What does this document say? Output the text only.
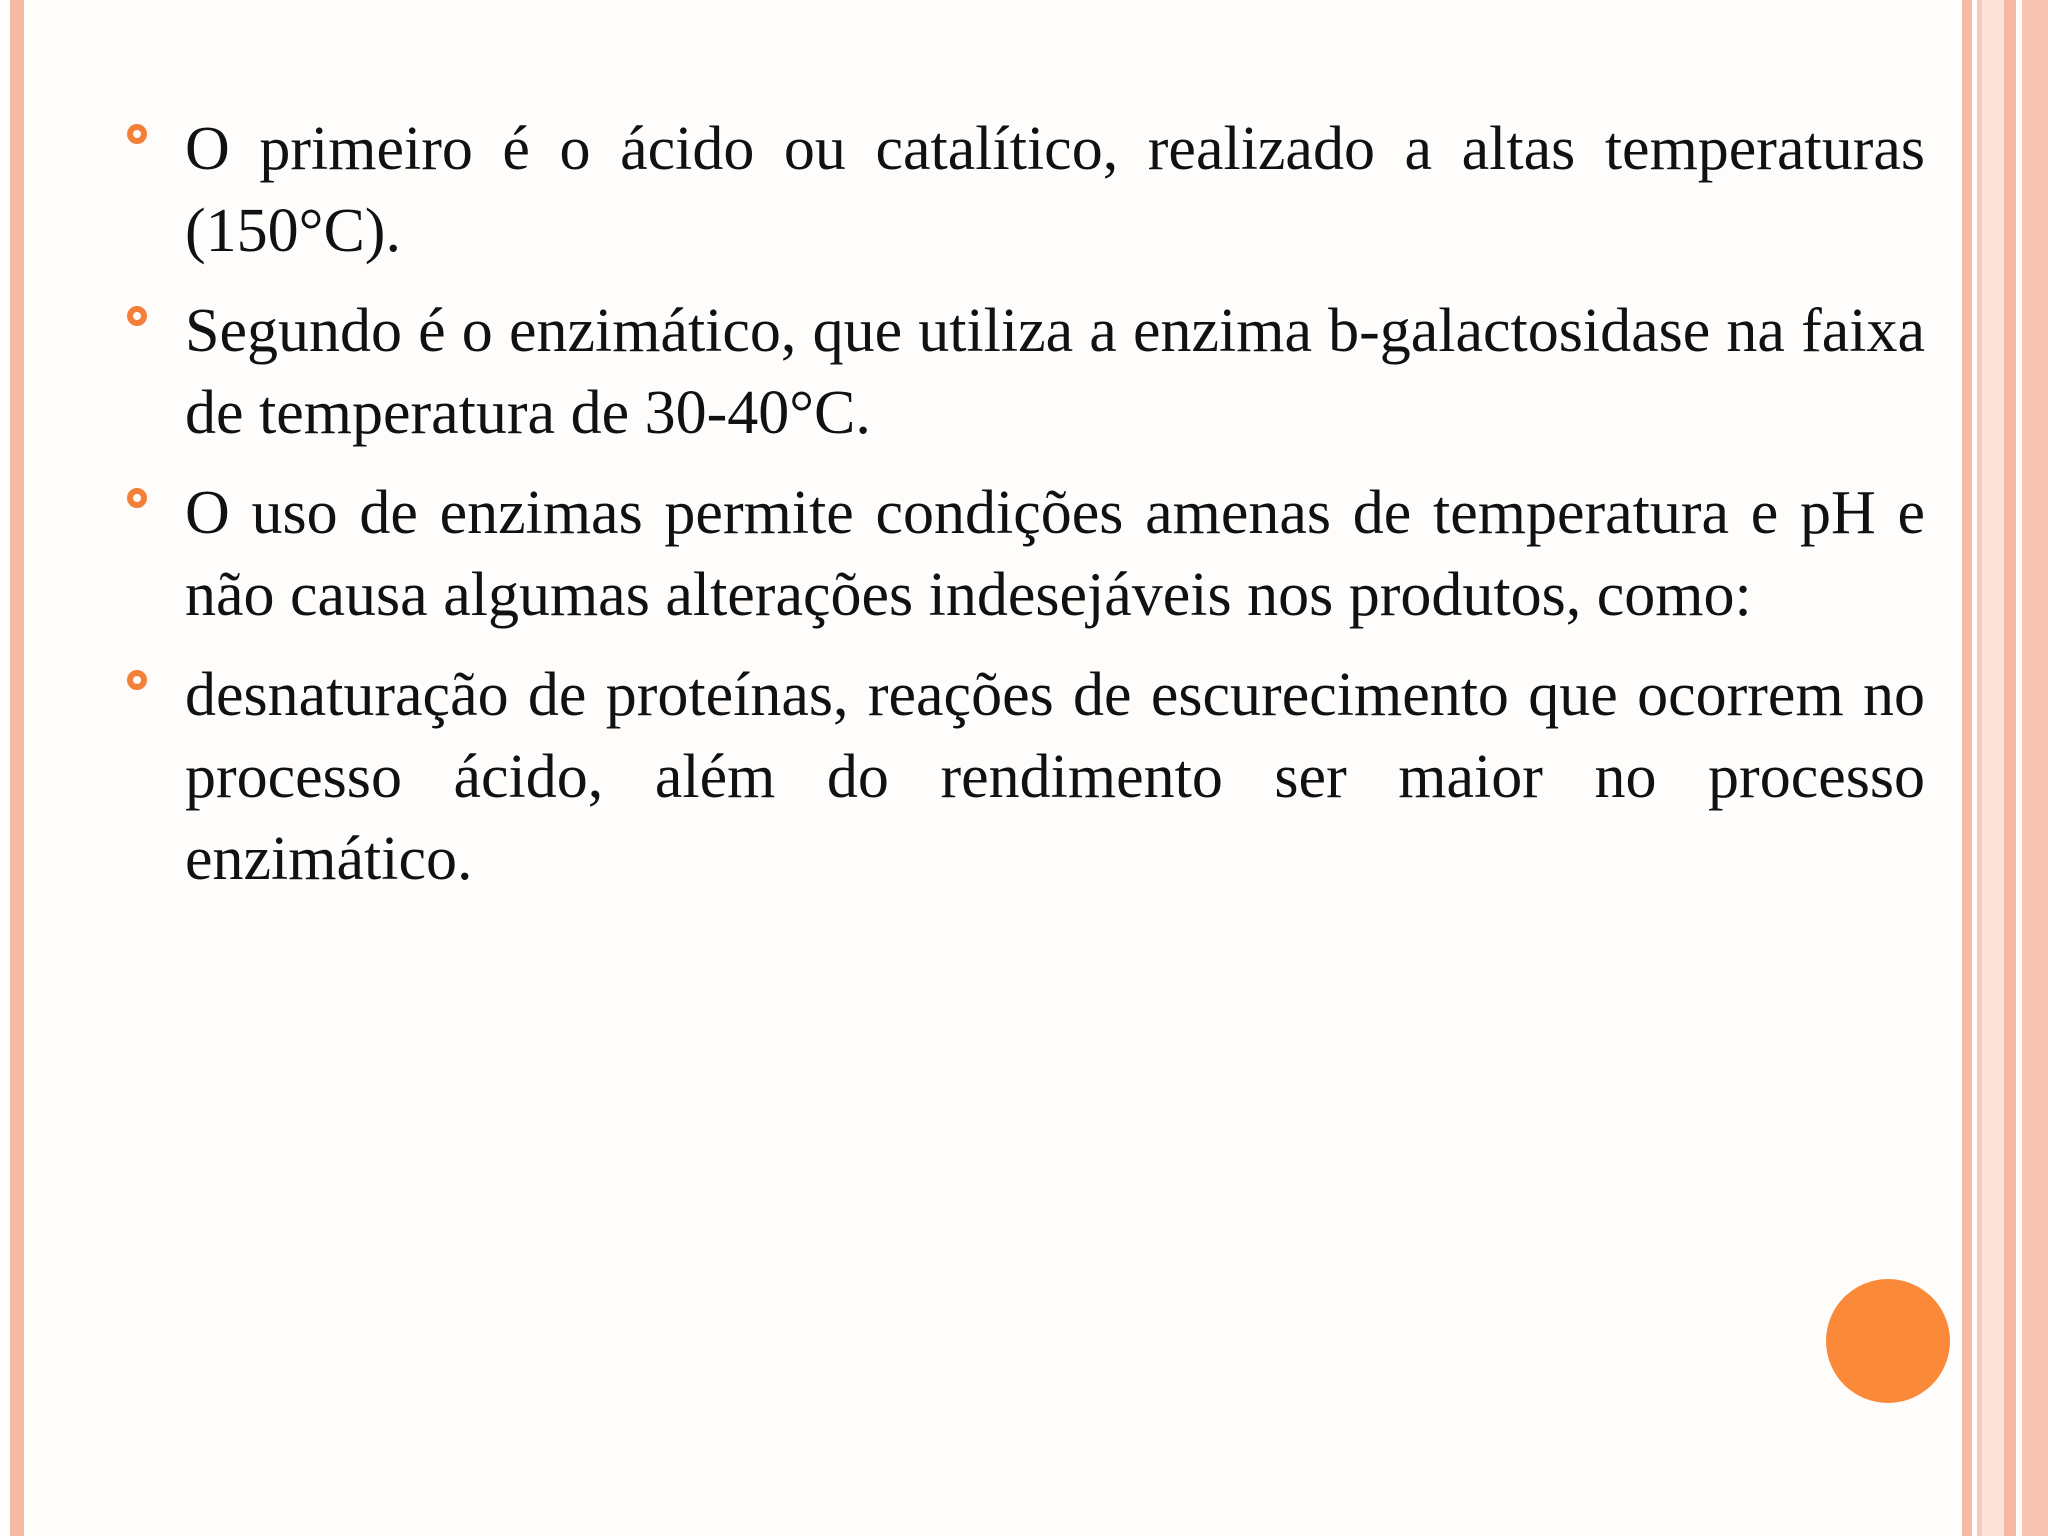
O primeiro é o ácido ou catalítico, realizado a altas temperaturas (150°C).
Segundo é o enzimático, que utiliza a enzima b-galactosidase na faixa de temperatura de 30-40°C.
O uso de enzimas permite condições amenas de temperatura e pH e não causa algumas alterações indesejáveis nos produtos, como:
desnaturação de proteínas, reações de escurecimento que ocorrem no processo ácido, além do rendimento ser maior no processo enzimático.
